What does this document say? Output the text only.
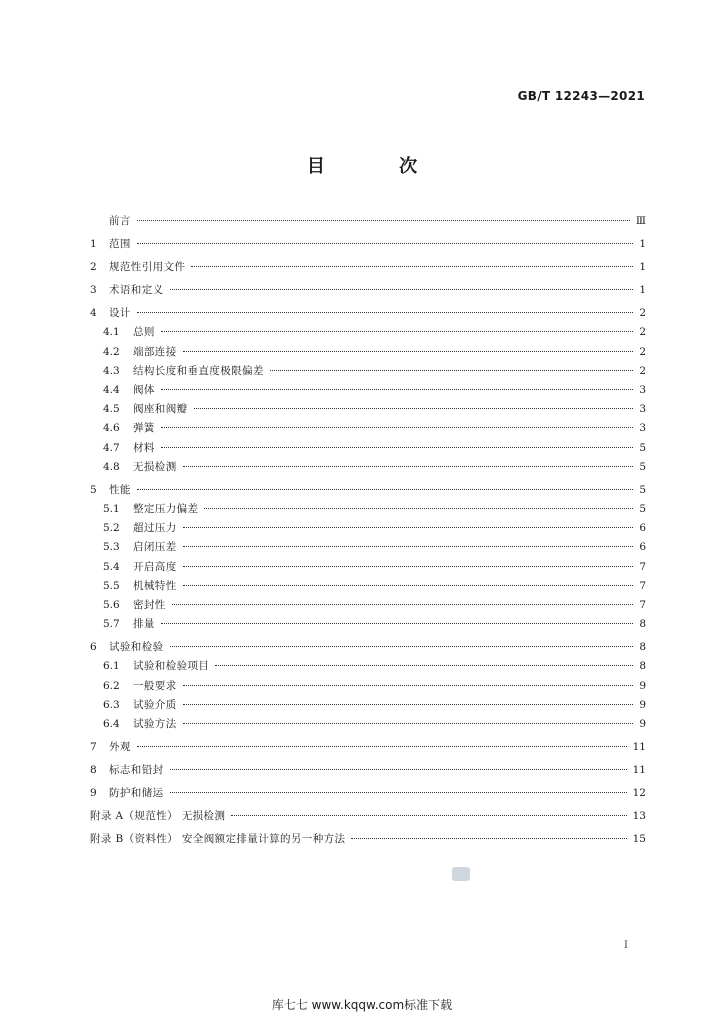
GB/T 12243—2021
目 次
前言	Ⅲ
1	范围	1
2	规范性引用文件	1
3	术语和定义	1
4	设计	2
4.1	总则	2
4.2	端部连接	2
4.3	结构长度和垂直度极限偏差	2
4.4	阀体	3
4.5	阀座和阀瓣	3
4.6	弹簧	3
4.7	材料	5
4.8	无损检测	5
5	性能	5
5.1	整定压力偏差	5
5.2	超过压力	6
5.3	启闭压差	6
5.4	开启高度	7
5.5	机械特性	7
5.6	密封性	7
5.7	排量	8
6	试验和检验	8
6.1	试验和检验项目	8
6.2	一般要求	9
6.3	试验介质	9
6.4	试验方法	9
7	外观	11
8	标志和铅封	11
9	防护和储运	12
附录 A（规范性） 无损检测	13
附录 B（资料性） 安全阀额定排量计算的另一种方法	15
I
库七七 www.kqqw.com标准下载
